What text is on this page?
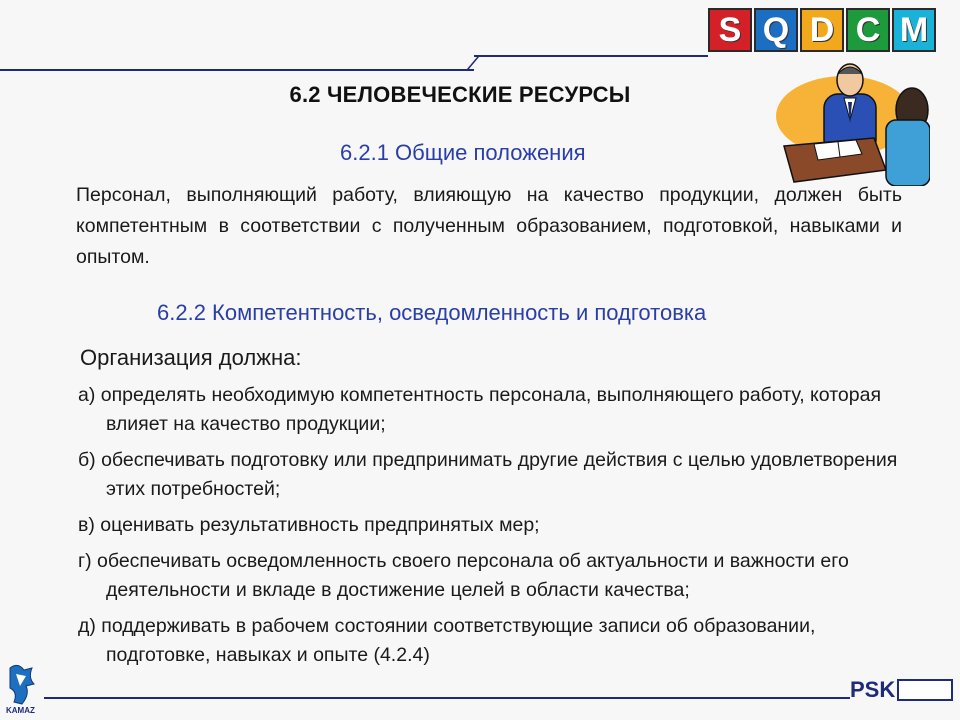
S Q D C M
6.2 ЧЕЛОВЕЧЕСКИЕ РЕСУРСЫ
6.2.1 Общие положения
Персонал, выполняющий работу, влияющую на качество продукции, должен быть компетентным в соответствии с полученным образованием, подготовкой, навыками и опытом.
6.2.2 Компетентность, осведомленность и подготовка
Организация должна:
а) определять необходимую компетентность персонала, выполняющего работу, которая влияет на качество продукции;
б) обеспечивать подготовку или предпринимать другие действия с целью удовлетворения этих потребностей;
в) оценивать результативность предпринятых мер;
г) обеспечивать осведомленность своего персонала об актуальности и важности его деятельности и вкладе в достижение целей в области качества;
д) поддерживать в рабочем состоянии соответствующие записи об образовании, подготовке, навыках и опыте (4.2.4)
KAMAZ
PSK
